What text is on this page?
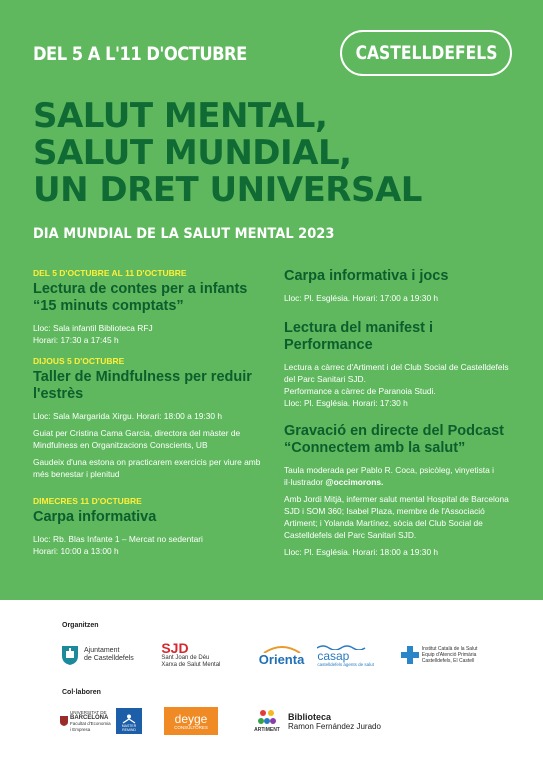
DEL 5 A L'11 D'OCTUBRE	CASTELLDEFELS
SALUT MENTAL,
SALUT MUNDIAL,
UN DRET UNIVERSAL
DIA MUNDIAL DE LA SALUT MENTAL 2023
DEL 5 D'OCTUBRE AL 11 D'OCTUBRE
Lectura de contes per a infants “15 minuts comptats”
Lloc: Sala infantil Biblioteca RFJ
Horari: 17:30 a 17:45 h
DIJOUS 5 D'OCTUBRE
Taller de Mindfulness per reduir l'estrès
Lloc: Sala Margarida Xirgu. Horari: 18:00 a 19:30 h
Guiat per Cristina Cama Garcia, directora del màster de Mindfulness en Organitzacions Conscients, UB
Gaudeix d'una estona on practicarem exercicis per viure amb més benestar i plenitud
DIMECRES 11 D'OCTUBRE
Carpa informativa
Lloc: Rb. Blas Infante 1 – Mercat no sedentari
Horari: 10:00 a 13:00 h
Carpa informativa i jocs
Lloc: Pl. Església. Horari: 17:00 a 19:30 h
Lectura del manifest i Performance
Lectura a càrrec d'Artiment i del Club Social de Castelldefels del Parc Sanitari SJD.
Performance a càrrec de Paranoia Studi.
Lloc: Pl. Església. Horari: 17:30 h
Gravació en directe del Podcast “Connectem amb la salut”
Taula moderada per Pablo R. Coca, psicòleg, vinyetista i il·lustrador @occimorons.
Amb Jordi Mitjà, infermer salut mental Hospital de Barcelona SJD i SOM 360; Isabel Plaza, membre de l'Associació Artiment; i Yolanda Martínez, sòcia del Club Social de Castelldefels del Parc Sanitari SJD.
Lloc: Pl. Església. Horari: 18:00 a 19:30 h
Organitzen
Ajuntament
de Castelldefels
SJD
Sant Joan de Déu
Xarxa de Salut Mental	Orienta casap
castelldefels agents de salut
Institut Català de la Salut
Equip d'Atenció Primària
Castelldefels, El Castell
Col·laboren
UNIVERSITAT DE
BARCELONA
Facultat d'Economia
i Empresa
MASTER
REMIND
deyge
CONSULTORES	ARTiMENT
Biblioteca
Ramon Fernández Jurado
